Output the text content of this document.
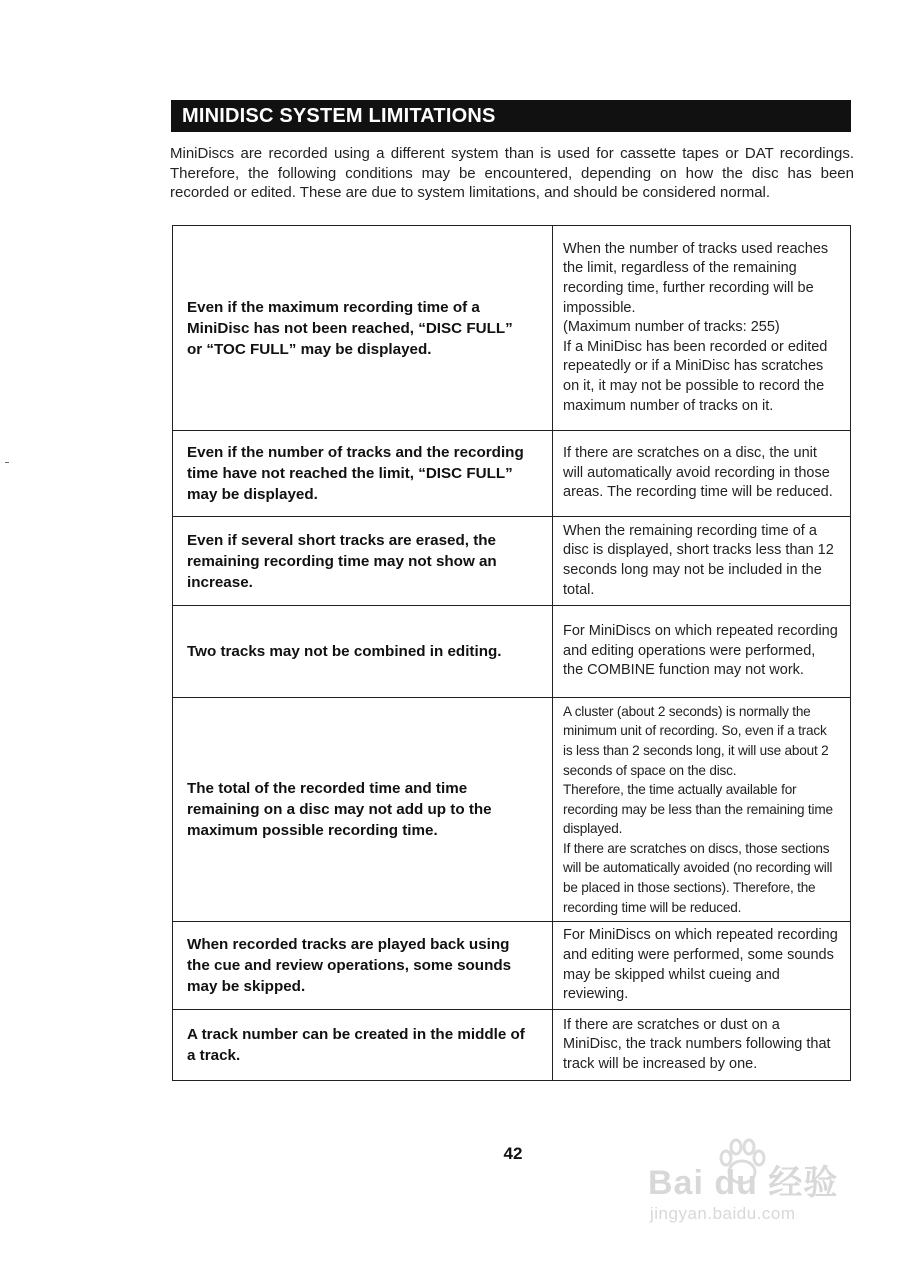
MINIDISC SYSTEM LIMITATIONS

MiniDiscs are recorded using a different system than is used for cassette tapes or DAT recordings. Therefore, the following conditions may be encountered, depending on how the disc has been recorded or edited. These are due to system limitations, and should be considered normal.

Even if the maximum recording time of a MiniDisc has not been reached, “DISC FULL” or “TOC FULL” may be displayed.	When the number of tracks used reaches the limit, regardless of the remaining recording time, further recording will be impossible.
(Maximum number of tracks: 255)
If a MiniDisc has been recorded or edited repeatedly or if a MiniDisc has scratches on it, it may not be possible to record the maximum number of tracks on it.

Even if the number of tracks and the recording time have not reached the limit, “DISC FULL” may be displayed.	If there are scratches on a disc, the unit will automatically avoid recording in those areas. The recording time will be reduced.

Even if several short tracks are erased, the remaining recording time may not show an increase.	When the remaining recording time of a disc is displayed, short tracks less than 12 seconds long may not be included in the total.

Two tracks may not be combined in editing.	For MiniDiscs on which repeated recording and editing operations were performed, the COMBINE function may not work.

The total of the recorded time and time remaining on a disc may not add up to the maximum possible recording time.	A cluster (about 2 seconds) is normally the minimum unit of recording. So, even if a track is less than 2 seconds long, it will use about 2 seconds of space on the disc.
Therefore, the time actually available for recording may be less than the remaining time displayed.
If there are scratches on discs, those sections will be automatically avoided (no recording will be placed in those sections). Therefore, the recording time will be reduced.

When recorded tracks are played back using the cue and review operations, some sounds may be skipped.	For MiniDiscs on which repeated recording and editing were performed, some sounds may be skipped whilst cueing and reviewing.

A track number can be created in the middle of a track.	If there are scratches or dust on a MiniDisc, the track numbers following that track will be increased by one.
42
Bai du 经验
jingyan.baidu.com
